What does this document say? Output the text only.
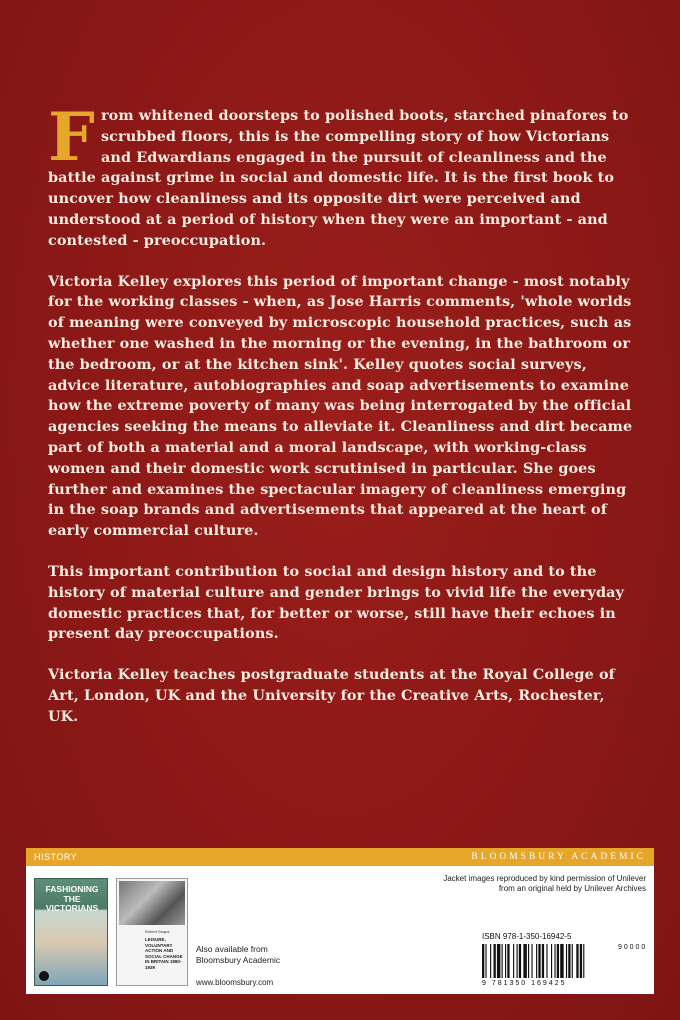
From whitened doorsteps to polished boots, starched pinafores to scrubbed floors, this is the compelling story of how Victorians and Edwardians engaged in the pursuit of cleanliness and the battle against grime in social and domestic life. It is the first book to uncover how cleanliness and its opposite dirt were perceived and understood at a period of history when they were an important - and contested - preoccupation.

Victoria Kelley explores this period of important change - most notably for the working classes - when, as Jose Harris comments, 'whole worlds of meaning were conveyed by microscopic household practices, such as whether one washed in the morning or the evening, in the bathroom or the bedroom, or at the kitchen sink'. Kelley quotes social surveys, advice literature, autobiographies and soap advertisements to examine how the extreme poverty of many was being interrogated by the official agencies seeking the means to alleviate it. Cleanliness and dirt became part of both a material and a moral landscape, with working-class women and their domestic work scrutinised in particular. She goes further and examines the spectacular imagery of cleanliness emerging in the soap brands and advertisements that appeared at the heart of early commercial culture.

This important contribution to social and design history and to the history of material culture and gender brings to vivid life the everyday domestic practices that, for better or worse, still have their echoes in present day preoccupations.

Victoria Kelley teaches postgraduate students at the Royal College of Art, London, UK and the University for the Creative Arts, Rochester, UK.

HISTORY	BLOOMSBURY ACADEMIC
FASHIONING THE VICTORIANS
Robert Snape
LEISURE, VOLUNTARY ACTION AND SOCIAL CHANGE IN BRITAIN 1880-1939
Also available from Bloomsbury Academic
www.bloomsbury.com
Jacket images reproduced by kind permission of Unilever from an original held by Unilever Archives
ISBN 978-1-350-16942-5
9 0 0 0 0
9 781350 169425
